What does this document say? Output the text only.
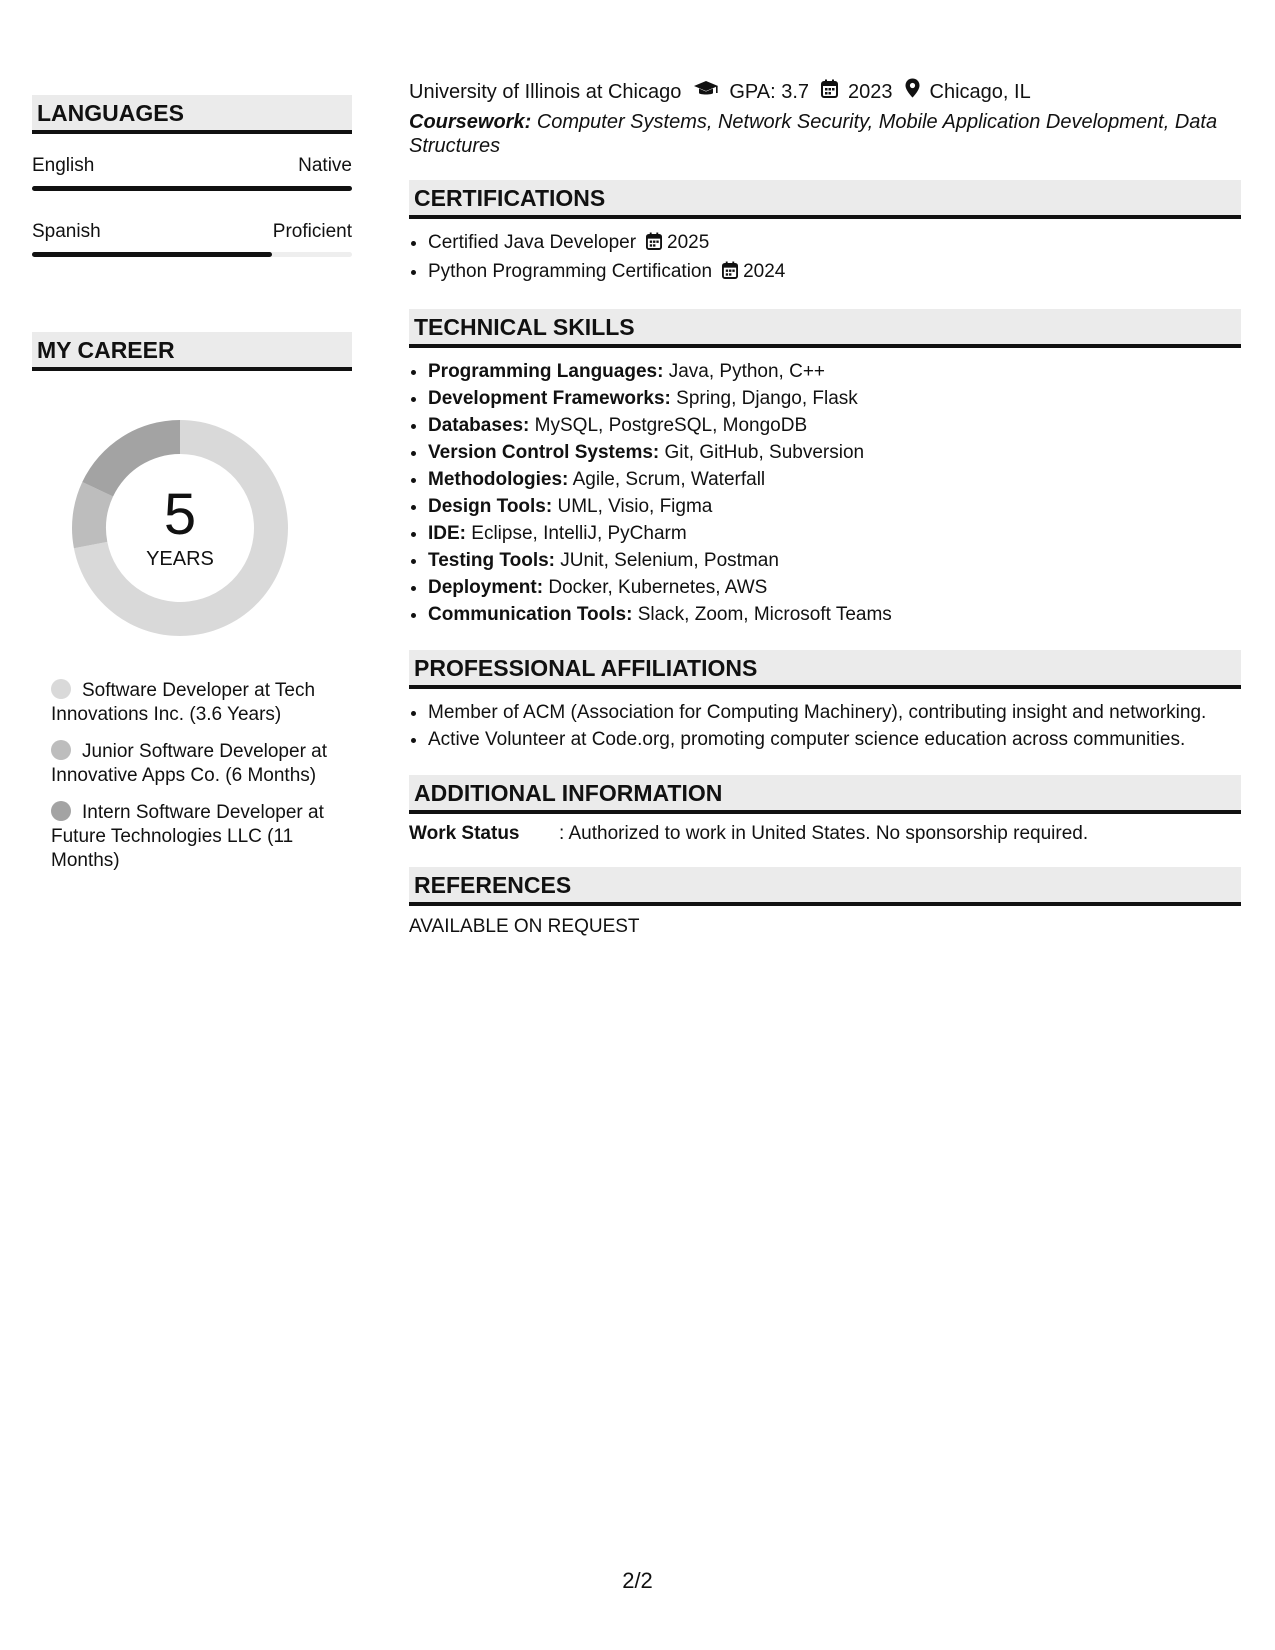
LANGUAGES
English	Native
Spanish	Proficient
MY CAREER
5
YEARS
Software Developer at Tech Innovations Inc. (3.6 Years)
Junior Software Developer at Innovative Apps Co. (6 Months)
Intern Software Developer at Future Technologies LLC (11 Months)
University of Illinois at Chicago GPA: 3.7 2023 Chicago, IL
Coursework: Computer Systems, Network Security, Mobile Application Development, Data Structures
CERTIFICATIONS
• Certified Java Developer 2025
• Python Programming Certification 2024
TECHNICAL SKILLS
• Programming Languages: Java, Python, C++
• Development Frameworks: Spring, Django, Flask
• Databases: MySQL, PostgreSQL, MongoDB
• Version Control Systems: Git, GitHub, Subversion
• Methodologies: Agile, Scrum, Waterfall
• Design Tools: UML, Visio, Figma
• IDE: Eclipse, IntelliJ, PyCharm
• Testing Tools: JUnit, Selenium, Postman
• Deployment: Docker, Kubernetes, AWS
• Communication Tools: Slack, Zoom, Microsoft Teams
PROFESSIONAL AFFILIATIONS
• Member of ACM (Association for Computing Machinery), contributing insight and networking.
• Active Volunteer at Code.org, promoting computer science education across communities.
ADDITIONAL INFORMATION
Work Status	: Authorized to work in United States. No sponsorship required.
REFERENCES
AVAILABLE ON REQUEST
2/2
